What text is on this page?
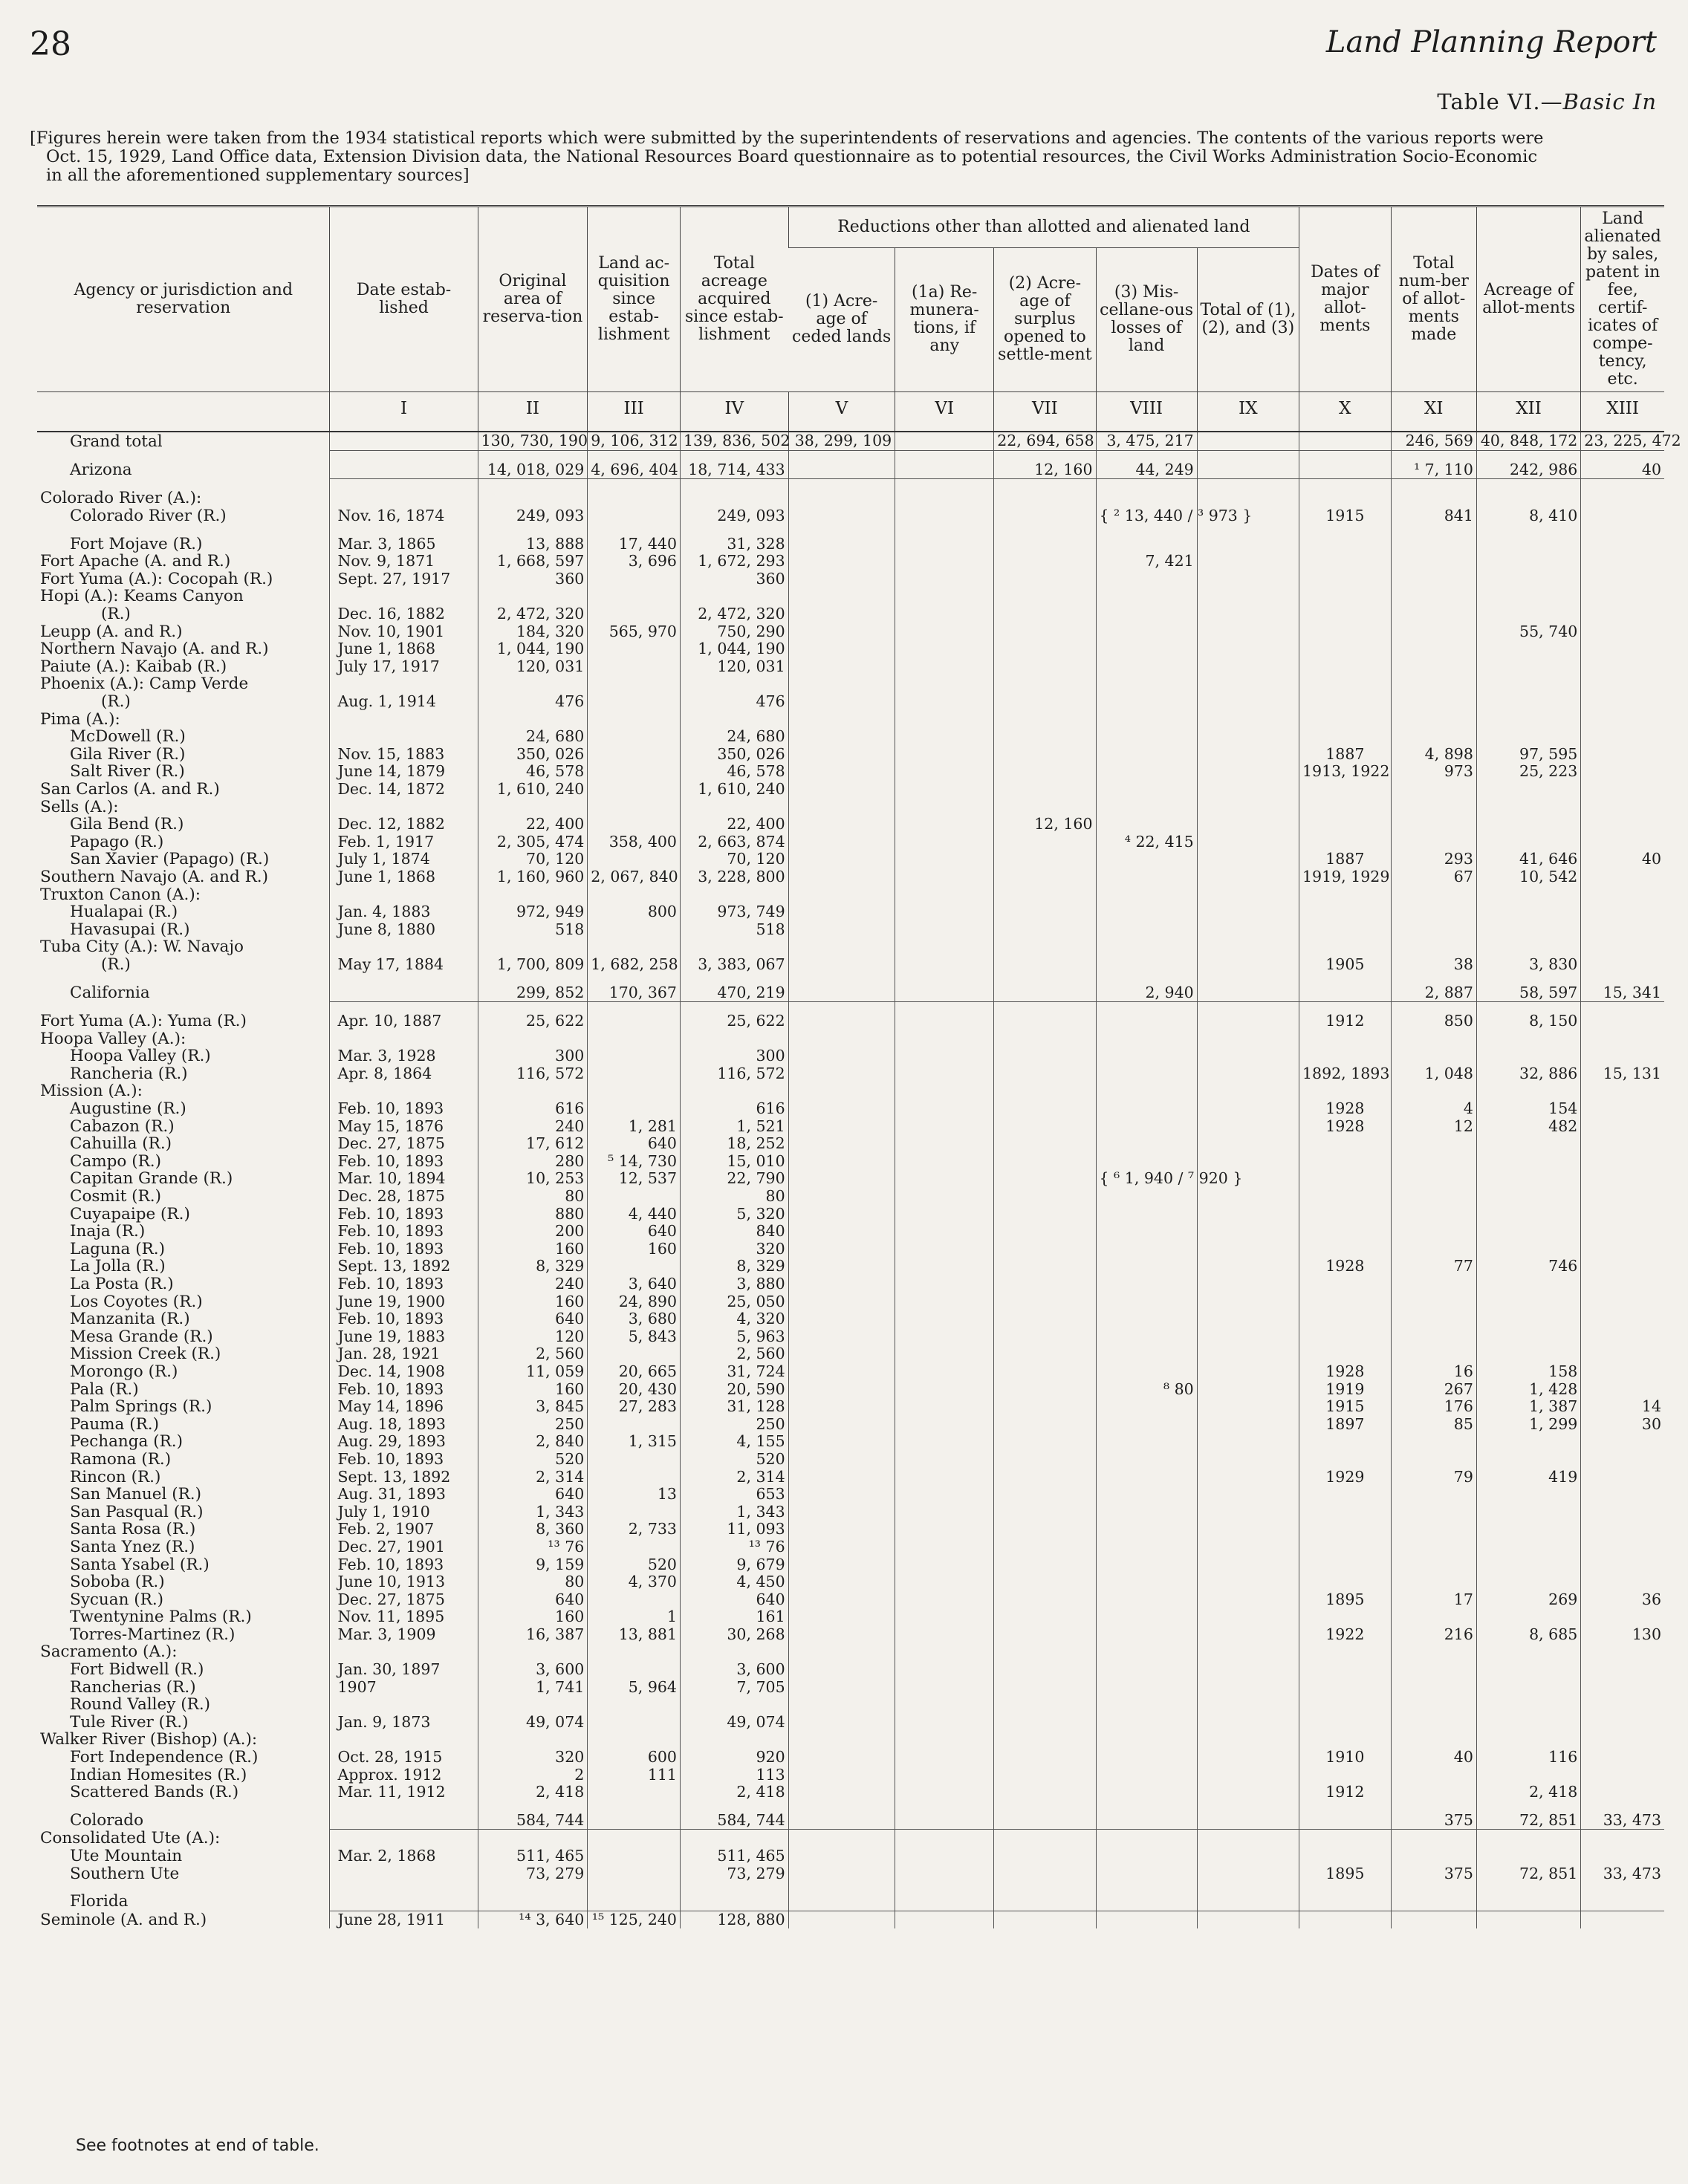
28	Land Planning Report
Table VI.—Basic In
[Figures herein were taken from the 1934 statistical reports which were submitted by the superintendents of reservations and agencies. The contents of the various reports were
Oct. 15, 1929, Land Office data, Extension Division data, the National Resources Board questionnaire as to potential resources, the Civil Works Administration Socio-Economic
in all the aforementioned supplementary sources]
Agency or jurisdiction and reservation	Date estab-lished	Original area of reserva-tion	Land ac-quisition since estab-lishment	Total acreage acquired since estab-lishment	Reductions other than allotted and alienated land					Dates of major allot-ments	Total num-ber of allot-ments made	Acreage of allot-ments	Land alienated by sales, patent in fee, certif-icates of compe-tency, etc.
					(1) Acre-age of ceded lands	(1a) Re-munera-tions, if any	(2) Acre-age of surplus opened to settle-ment	(3) Mis-cellane-ous losses of land	Total of (1), (2), and (3)				
	I	II	III	IV	V	VI	VII	VIII	IX	X	XI	XII	XIII
Grand total		130, 730, 190	9, 106, 312	139, 836, 502	38, 299, 109		22, 694, 658	3, 475, 217			246, 569	40, 848, 172	23, 225, 472

Arizona		14, 018, 029	4, 696, 404	18, 714, 433			12, 160	44, 249			¹ 7, 110	242, 986	40

Colorado River (A.):													
Colorado River (R.)	Nov. 16, 1874	249, 093		249, 093				{ ² 13, 440 / ³ 973 }		1915	841	8, 410	

Fort Mojave (R.)	Mar. 3, 1865	13, 888	17, 440	31, 328									
Fort Apache (A. and R.)	Nov. 9, 1871	1, 668, 597	3, 696	1, 672, 293				7, 421					
Fort Yuma (A.): Cocopah (R.)	Sept. 27, 1917	360		360									
Hopi (A.): Keams Canyon													
(R.)	Dec. 16, 1882	2, 472, 320		2, 472, 320									
Leupp (A. and R.)	Nov. 10, 1901	184, 320	565, 970	750, 290								55, 740	
Northern Navajo (A. and R.)	June 1, 1868	1, 044, 190		1, 044, 190									
Paiute (A.): Kaibab (R.)	July 17, 1917	120, 031		120, 031									
Phoenix (A.): Camp Verde													
(R.)	Aug. 1, 1914	476		476									
Pima (A.):													
McDowell (R.)		24, 680		24, 680									
Gila River (R.)	Nov. 15, 1883	350, 026		350, 026						1887	4, 898	97, 595	
Salt River (R.)	June 14, 1879	46, 578		46, 578						1913, 1922	973	25, 223	
San Carlos (A. and R.)	Dec. 14, 1872	1, 610, 240		1, 610, 240									
Sells (A.):													
Gila Bend (R.)	Dec. 12, 1882	22, 400		22, 400			12, 160						
Papago (R.)	Feb. 1, 1917	2, 305, 474	358, 400	2, 663, 874				⁴ 22, 415					
San Xavier (Papago) (R.)	July 1, 1874	70, 120		70, 120						1887	293	41, 646	40
Southern Navajo (A. and R.)	June 1, 1868	1, 160, 960	2, 067, 840	3, 228, 800						1919, 1929	67	10, 542	
Truxton Canon (A.):													
Hualapai (R.)	Jan. 4, 1883	972, 949	800	973, 749									
Havasupai (R.)	June 8, 1880	518		518									
Tuba City (A.): W. Navajo													
(R.)	May 17, 1884	1, 700, 809	1, 682, 258	3, 383, 067						1905	38	3, 830	

California		299, 852	170, 367	470, 219				2, 940			2, 887	58, 597	15, 341

Fort Yuma (A.): Yuma (R.)	Apr. 10, 1887	25, 622		25, 622						1912	850	8, 150	
Hoopa Valley (A.):													
Hoopa Valley (R.)	Mar. 3, 1928	300		300									
Rancheria (R.)	Apr. 8, 1864	116, 572		116, 572						1892, 1893	1, 048	32, 886	15, 131
Mission (A.):													
Augustine (R.)	Feb. 10, 1893	616		616						1928	4	154	
Cabazon (R.)	May 15, 1876	240	1, 281	1, 521						1928	12	482	
Cahuilla (R.)	Dec. 27, 1875	17, 612	640	18, 252									
Campo (R.)	Feb. 10, 1893	280	⁵ 14, 730	15, 010									
Capitan Grande (R.)	Mar. 10, 1894	10, 253	12, 537	22, 790				{ ⁶ 1, 940 / ⁷ 920 }					
Cosmit (R.)	Dec. 28, 1875	80		80									
Cuyapaipe (R.)	Feb. 10, 1893	880	4, 440	5, 320									
Inaja (R.)	Feb. 10, 1893	200	640	840									
Laguna (R.)	Feb. 10, 1893	160	160	320									
La Jolla (R.)	Sept. 13, 1892	8, 329		8, 329						1928	77	746	
La Posta (R.)	Feb. 10, 1893	240	3, 640	3, 880									
Los Coyotes (R.)	June 19, 1900	160	24, 890	25, 050									
Manzanita (R.)	Feb. 10, 1893	640	3, 680	4, 320									
Mesa Grande (R.)	June 19, 1883	120	5, 843	5, 963									
Mission Creek (R.)	Jan. 28, 1921	2, 560		2, 560									
Morongo (R.)	Dec. 14, 1908	11, 059	20, 665	31, 724						1928	16	158	
Pala (R.)	Feb. 10, 1893	160	20, 430	20, 590				⁸ 80		1919	267	1, 428	
Palm Springs (R.)	May 14, 1896	3, 845	27, 283	31, 128						1915	176	1, 387	14
Pauma (R.)	Aug. 18, 1893	250		250						1897	85	1, 299	30
Pechanga (R.)	Aug. 29, 1893	2, 840	1, 315	4, 155									
Ramona (R.)	Feb. 10, 1893	520		520									
Rincon (R.)	Sept. 13, 1892	2, 314		2, 314						1929	79	419	
San Manuel (R.)	Aug. 31, 1893	640	13	653									
San Pasqual (R.)	July 1, 1910	1, 343		1, 343									
Santa Rosa (R.)	Feb. 2, 1907	8, 360	2, 733	11, 093									
Santa Ynez (R.)	Dec. 27, 1901	¹³ 76		¹³ 76									
Santa Ysabel (R.)	Feb. 10, 1893	9, 159	520	9, 679									
Soboba (R.)	June 10, 1913	80	4, 370	4, 450									
Sycuan (R.)	Dec. 27, 1875	640		640						1895	17	269	36
Twentynine Palms (R.)	Nov. 11, 1895	160	1	161									
Torres-Martinez (R.)	Mar. 3, 1909	16, 387	13, 881	30, 268						1922	216	8, 685	130
Sacramento (A.):													
Fort Bidwell (R.)	Jan. 30, 1897	3, 600		3, 600									
Rancherias (R.)	1907	1, 741	5, 964	7, 705									
Round Valley (R.)													
Tule River (R.)	Jan. 9, 1873	49, 074		49, 074									
Walker River (Bishop) (A.):													
Fort Independence (R.)	Oct. 28, 1915	320	600	920						1910	40	116	
Indian Homesites (R.)	Approx. 1912	2	111	113									
Scattered Bands (R.)	Mar. 11, 1912	2, 418		2, 418						1912		2, 418	

Colorado		584, 744		584, 744							375	72, 851	33, 473
Consolidated Ute (A.):													
Ute Mountain	Mar. 2, 1868	511, 465		511, 465									
Southern Ute		73, 279		73, 279						1895	375	72, 851	33, 473

Florida													
Seminole (A. and R.)	June 28, 1911	¹⁴ 3, 640	¹⁵ 125, 240	128, 880									
See footnotes at end of table.
